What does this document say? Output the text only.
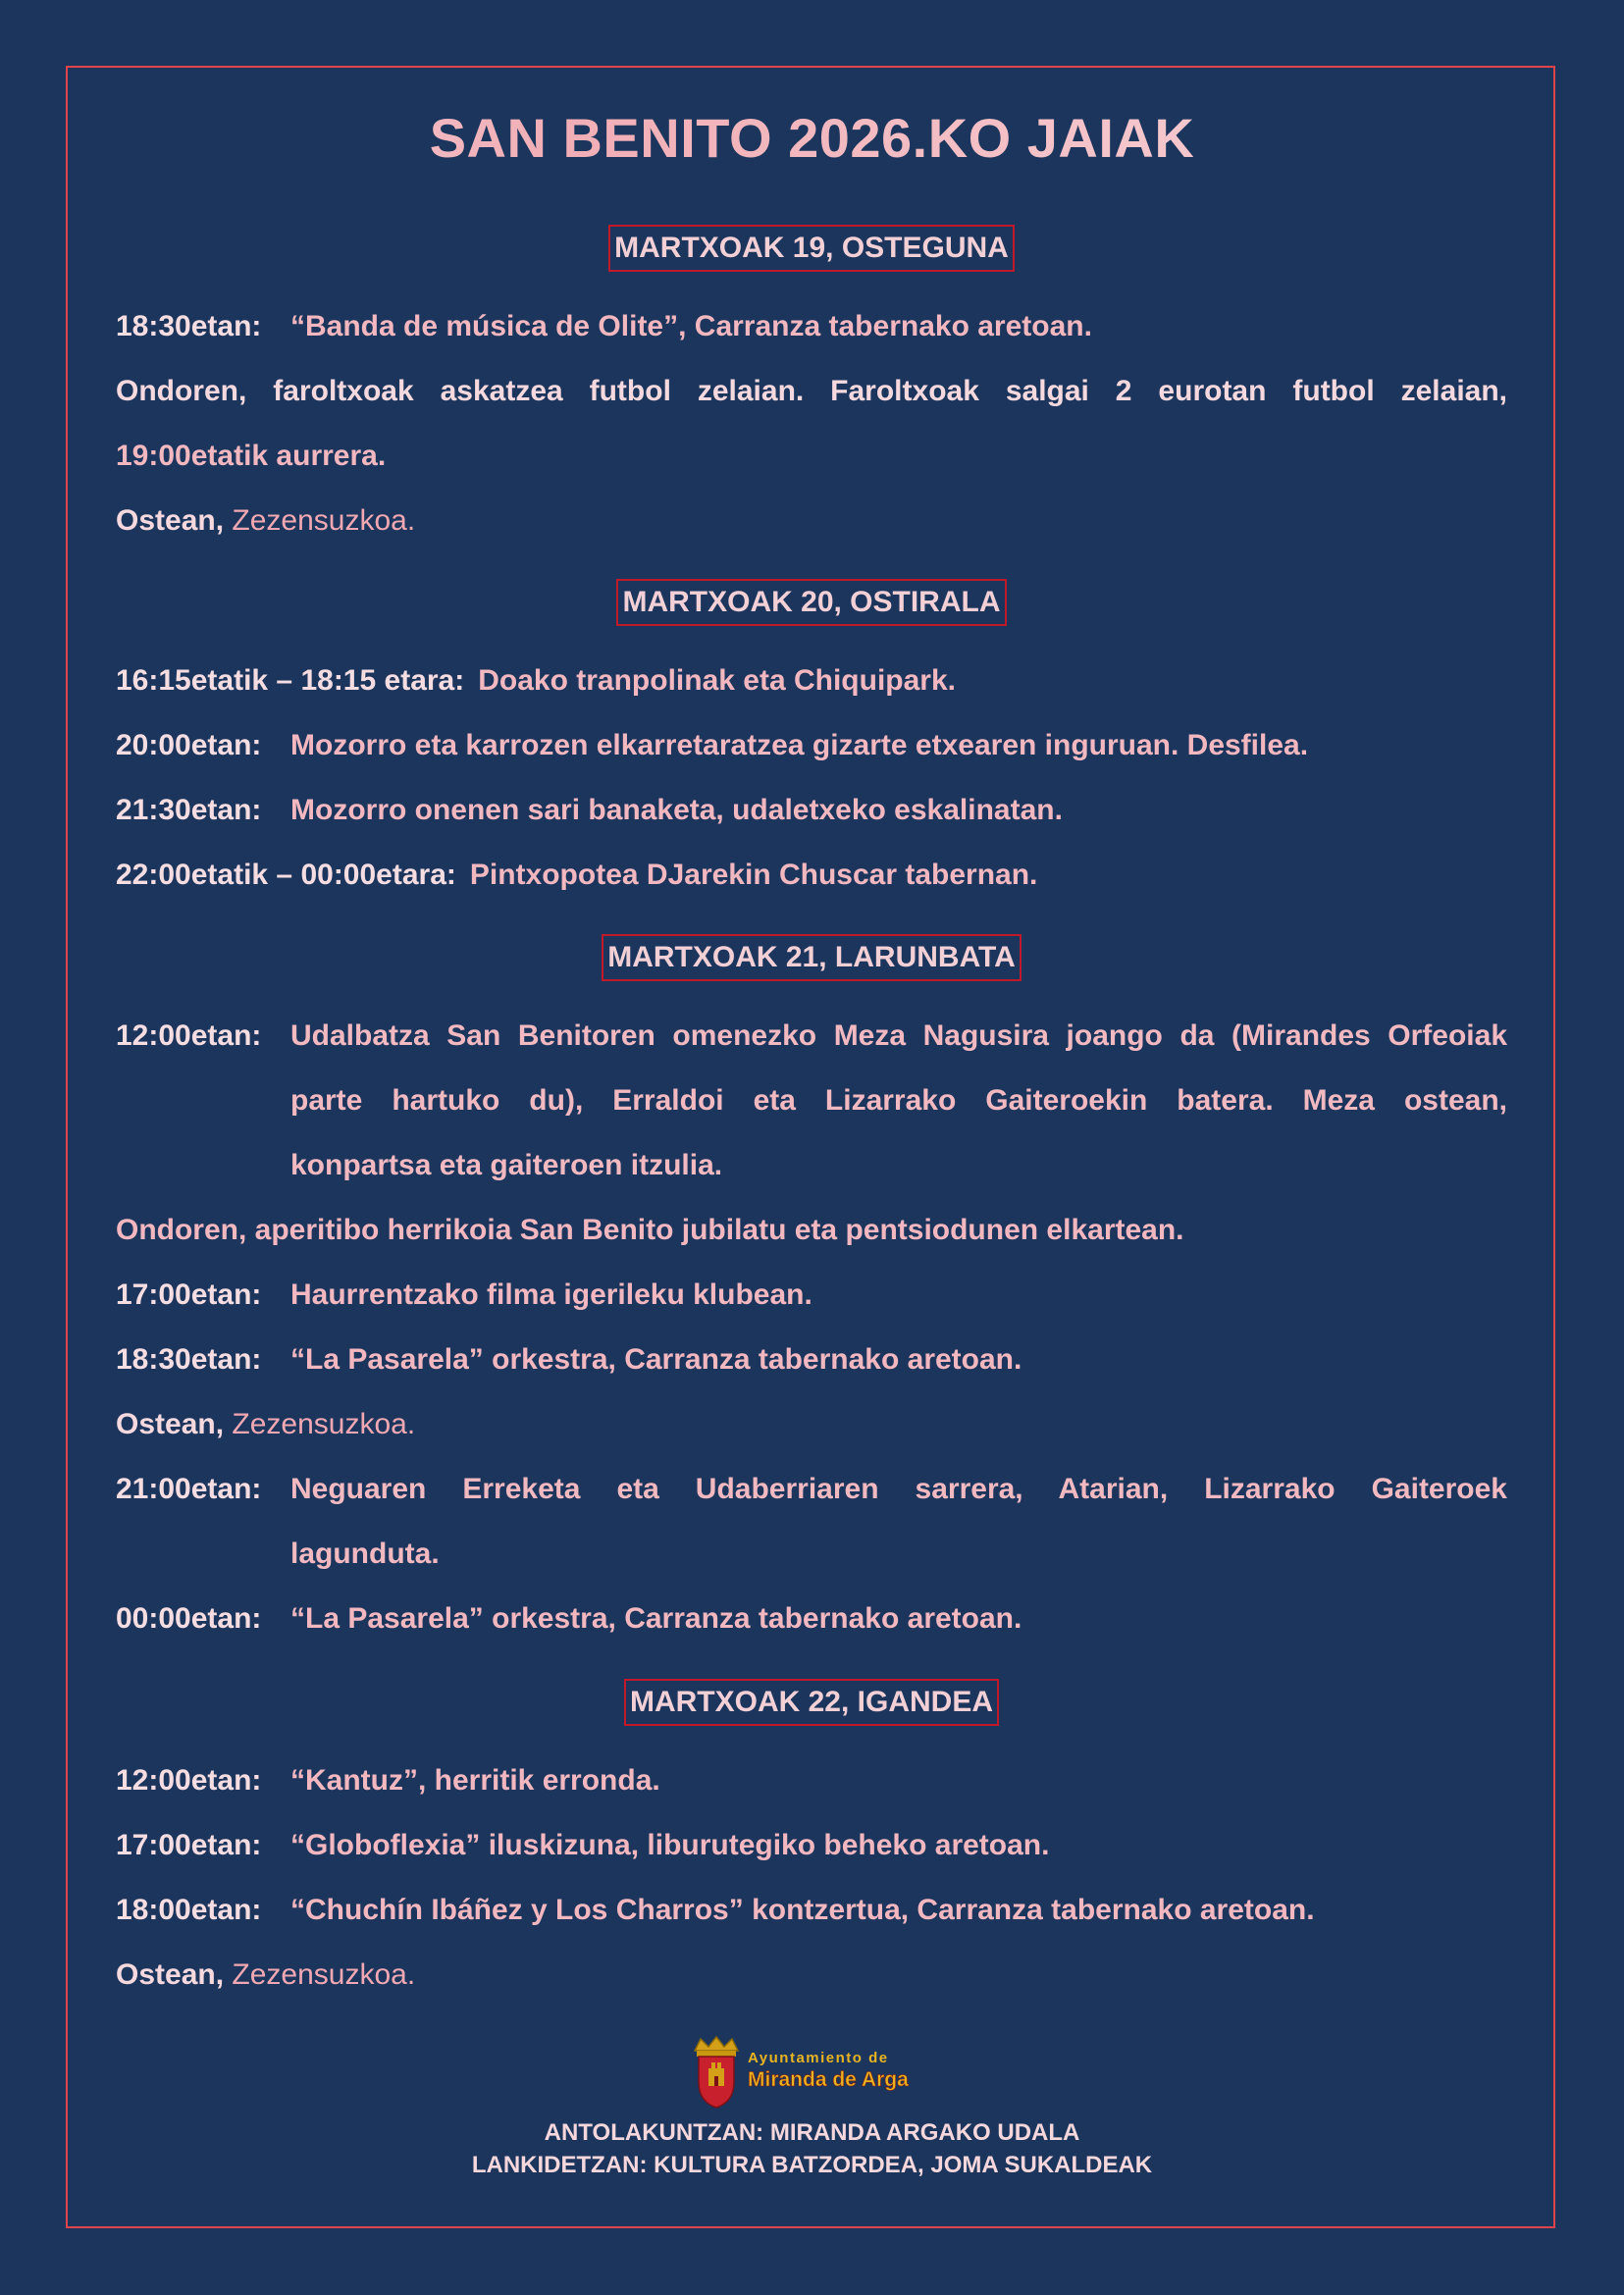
SAN BENITO 2026.KO JAIAK
MARTXOAK 19, OSTEGUNA
18:30etan: “Banda de música de Olite”, Carranza tabernako aretoan.
Ondoren, faroltxoak askatzea futbol zelaian. Faroltxoak salgai 2 eurotan futbol zelaian,
19:00etatik aurrera.
Ostean, Zezensuzkoa.
MARTXOAK 20, OSTIRALA
16:15etatik – 18:15 etara: Doako tranpolinak eta Chiquipark.
20:00etan: Mozorro eta karrozen elkarretaratzea gizarte etxearen inguruan. Desfilea.
21:30etan: Mozorro onenen sari banaketa, udaletxeko eskalinatan.
22:00etatik – 00:00etara: Pintxopotea DJarekin Chuscar tabernan.
MARTXOAK 21, LARUNBATA
12:00etan: Udalbatza San Benitoren omenezko Meza Nagusira joango da (Mirandes Orfeoiak
parte hartuko du), Erraldoi eta Lizarrako Gaiteroekin batera. Meza ostean,
konpartsa eta gaiteroen itzulia.
Ondoren, aperitibo herrikoia San Benito jubilatu eta pentsiodunen elkartean.
17:00etan: Haurrentzako filma igerileku klubean.
18:30etan: “La Pasarela” orkestra, Carranza tabernako aretoan.
Ostean, Zezensuzkoa.
21:00etan: Neguaren Erreketa eta Udaberriaren sarrera, Atarian, Lizarrako Gaiteroek
lagunduta.
00:00etan: “La Pasarela” orkestra, Carranza tabernako aretoan.
MARTXOAK 22, IGANDEA
12:00etan: “Kantuz”, herritik erronda.
17:00etan: “Globoflexia” iluskizuna, liburutegiko beheko aretoan.
18:00etan: “Chuchín Ibáñez y Los Charros” kontzertua, Carranza tabernako aretoan.
Ostean, Zezensuzkoa.
Ayuntamiento de
Miranda de Arga
ANTOLAKUNTZAN: MIRANDA ARGAKO UDALA
LANKIDETZAN: KULTURA BATZORDEA, JOMA SUKALDEAK
